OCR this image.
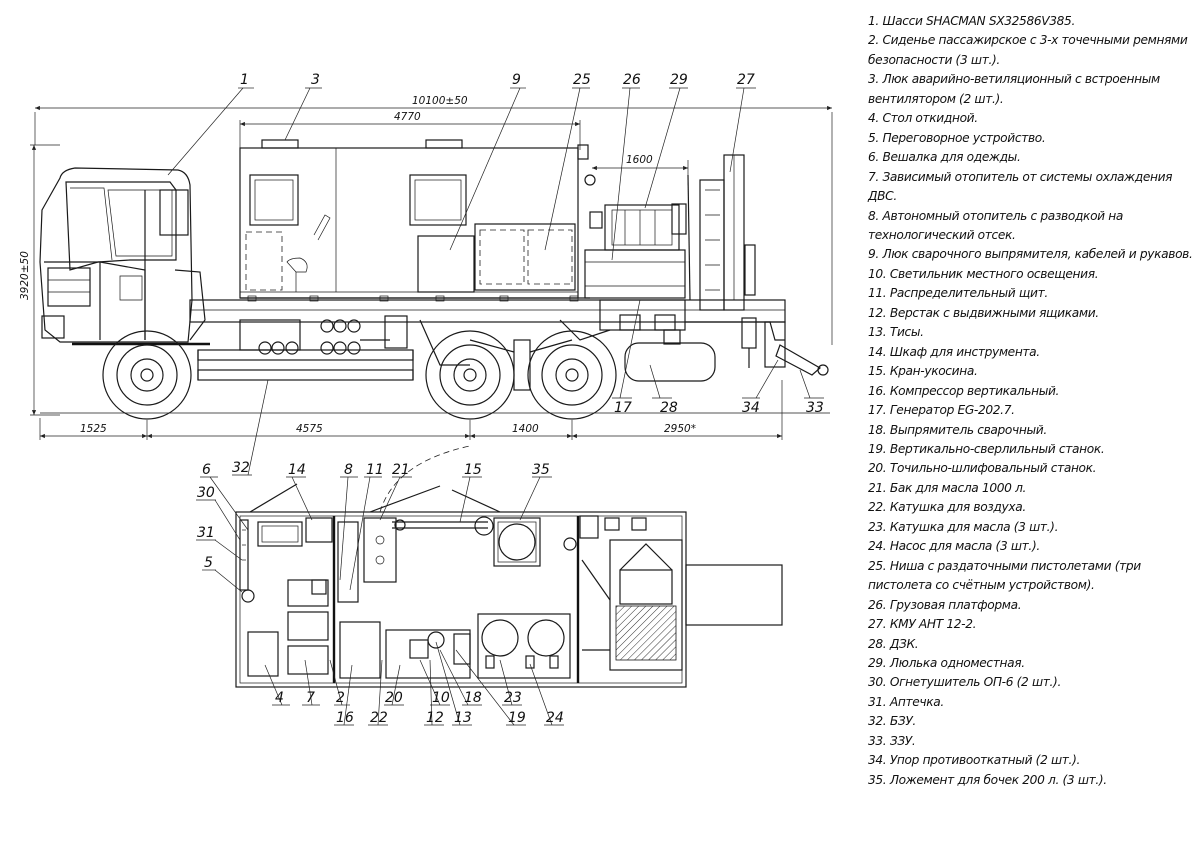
10100±50
4770
1600
3920±50
1525	4575	1400	2950*
1	3	9	25 26 29	27
17 28	34	33
32
6	14	8 11 21	15	35
30
31
5
4 7 2
16 22
20 10
12
18
13
23
19 24
1. Шасси SHACMAN SX32586V385.
2. Сиденье пассажирское с 3-х точечными ремнями безопасности (3 шт.).
3. Люк аварийно-ветиляционный с встроенным вентилятором (2 шт.).
4. Стол откидной.
5. Переговорное устройство.
6. Вешалка для одежды.
7. Зависимый отопитель от системы охлаждения ДВС.
8. Автономный отопитель с разводкой на технологический отсек.
9. Люк сварочного выпрямителя, кабелей и рукавов.
10. Светильник местного освещения.
11. Распределительный щит.
12. Верстак с выдвижными ящиками.
13. Тисы.
14. Шкаф для инструмента.
15. Кран-укосина.
16. Компрессор вертикальный.
17. Генератор EG-202.7.
18. Выпрямитель сварочный.
19. Вертикально-сверлильный станок.
20. Точильно-шлифовальный станок.
21. Бак для масла 1000 л.
22. Катушка для воздуха.
23. Катушка для масла (3 шт.).
24. Насос для масла (3 шт.).
25. Ниша с раздаточными пистолетами (три пистолета со счётным устройством).
26. Грузовая платформа.
27. КМУ АНТ 12-2.
28. ДЗК.
29. Люлька одноместная.
30. Огнетушитель ОП-6 (2 шт.).
31. Аптечка.
32. БЗУ.
33. ЗЗУ.
34. Упор противооткатный (2 шт.).
35. Ложемент для бочек 200 л. (3 шт.).
